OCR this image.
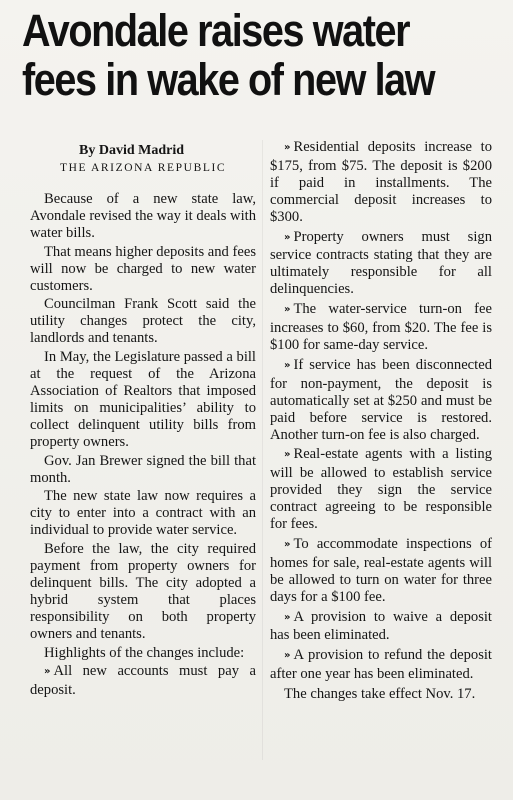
Avondale raises water
fees in wake of new law
By David Madrid
THE ARIZONA REPUBLIC

Because of a new state law, Avondale revised the way it deals with water bills.

That means higher deposits and fees will now be charged to new water customers.

Councilman Frank Scott said the utility changes protect the city, landlords and tenants.

In May, the Legislature passed a bill at the request of the Arizona Association of Realtors that imposed limits on municipalities’ ability to collect delinquent utility bills from property owners.

Gov. Jan Brewer signed the bill that month.

The new state law now requires a city to enter into a contract with an individual to provide water service.

Before the law, the city required payment from property owners for delinquent bills. The city adopted a hybrid system that places responsibility on both property owners and tenants.

Highlights of the changes include:

» All new accounts must pay a deposit.

» Residential deposits increase to $175, from $75. The deposit is $200 if paid in installments. The commercial deposit increases to $300.

» Property owners must sign service contracts stating that they are ultimately responsible for all delinquencies.

» The water-service turn-on fee increases to $60, from $20. The fee is $100 for same-day service.

» If service has been disconnected for non-payment, the deposit is automatically set at $250 and must be paid before service is restored. Another turn-on fee is also charged.

» Real-estate agents with a listing will be allowed to establish service provided they sign the service contract agreeing to be responsible for fees.

» To accommodate inspections of homes for sale, real-estate agents will be allowed to turn on water for three days for a $100 fee.

» A provision to waive a deposit has been eliminated.

» A provision to refund the deposit after one year has been eliminated.

The changes take effect Nov. 17.
